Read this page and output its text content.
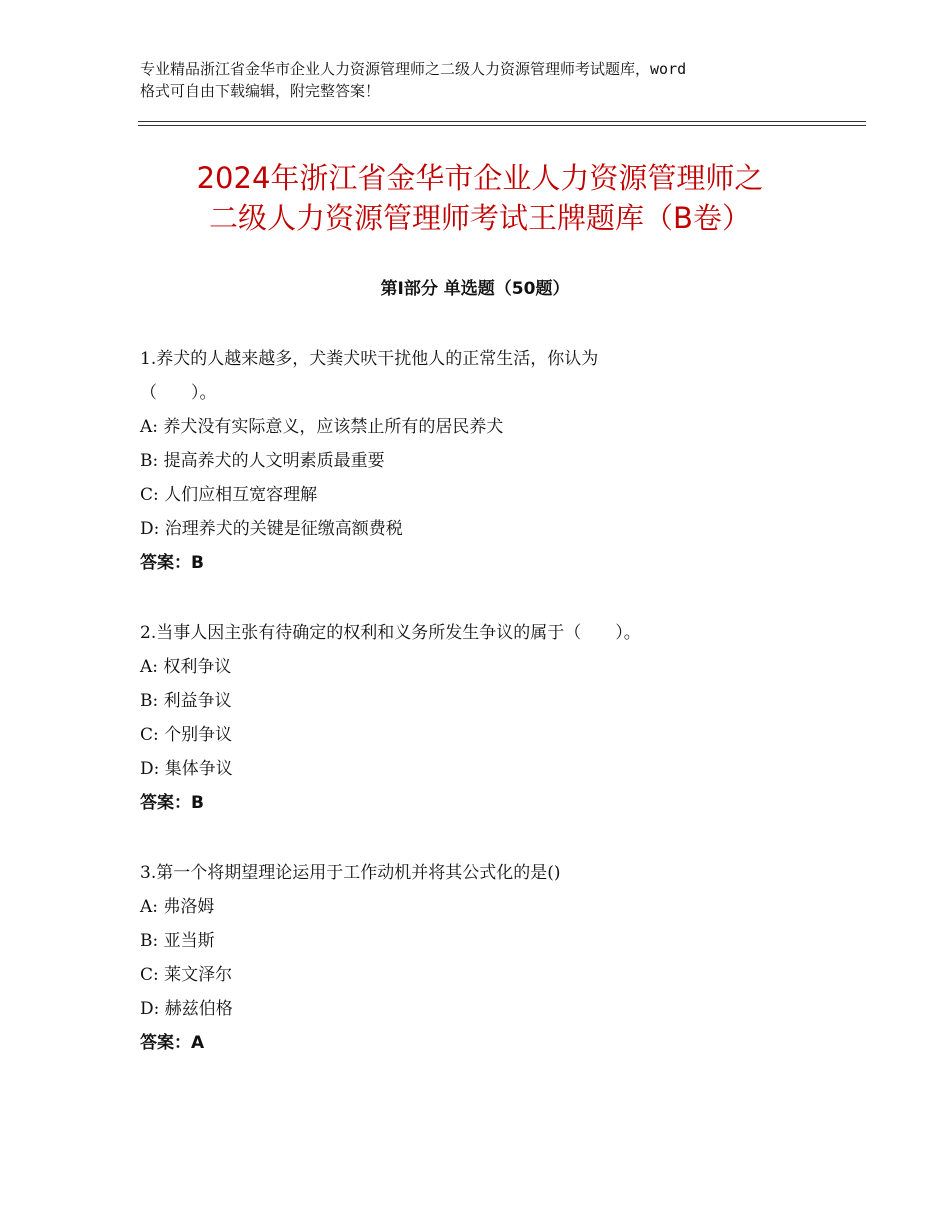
专业精品浙江省金华市企业人力资源管理师之二级人力资源管理师考试题库，word
格式可自由下载编辑，附完整答案！
2024年浙江省金华市企业人力资源管理师之
二级人力资源管理师考试王牌题库（B卷）
第Ⅰ部分 单选题（50题）
1.养犬的人越来越多，犬粪犬吠干扰他人的正常生活，你认为
（　　）。
A: 养犬没有实际意义，应该禁止所有的居民养犬
B: 提高养犬的人文明素质最重要
C: 人们应相互宽容理解
D: 治理养犬的关键是征缴高额费税
答案：B
2.当事人因主张有待确定的权利和义务所发生争议的属于（　　）。
A: 权利争议
B: 利益争议
C: 个别争议
D: 集体争议
答案：B
3.第一个将期望理论运用于工作动机并将其公式化的是()
A: 弗洛姆
B: 亚当斯
C: 莱文泽尔
D: 赫兹伯格
答案：A
